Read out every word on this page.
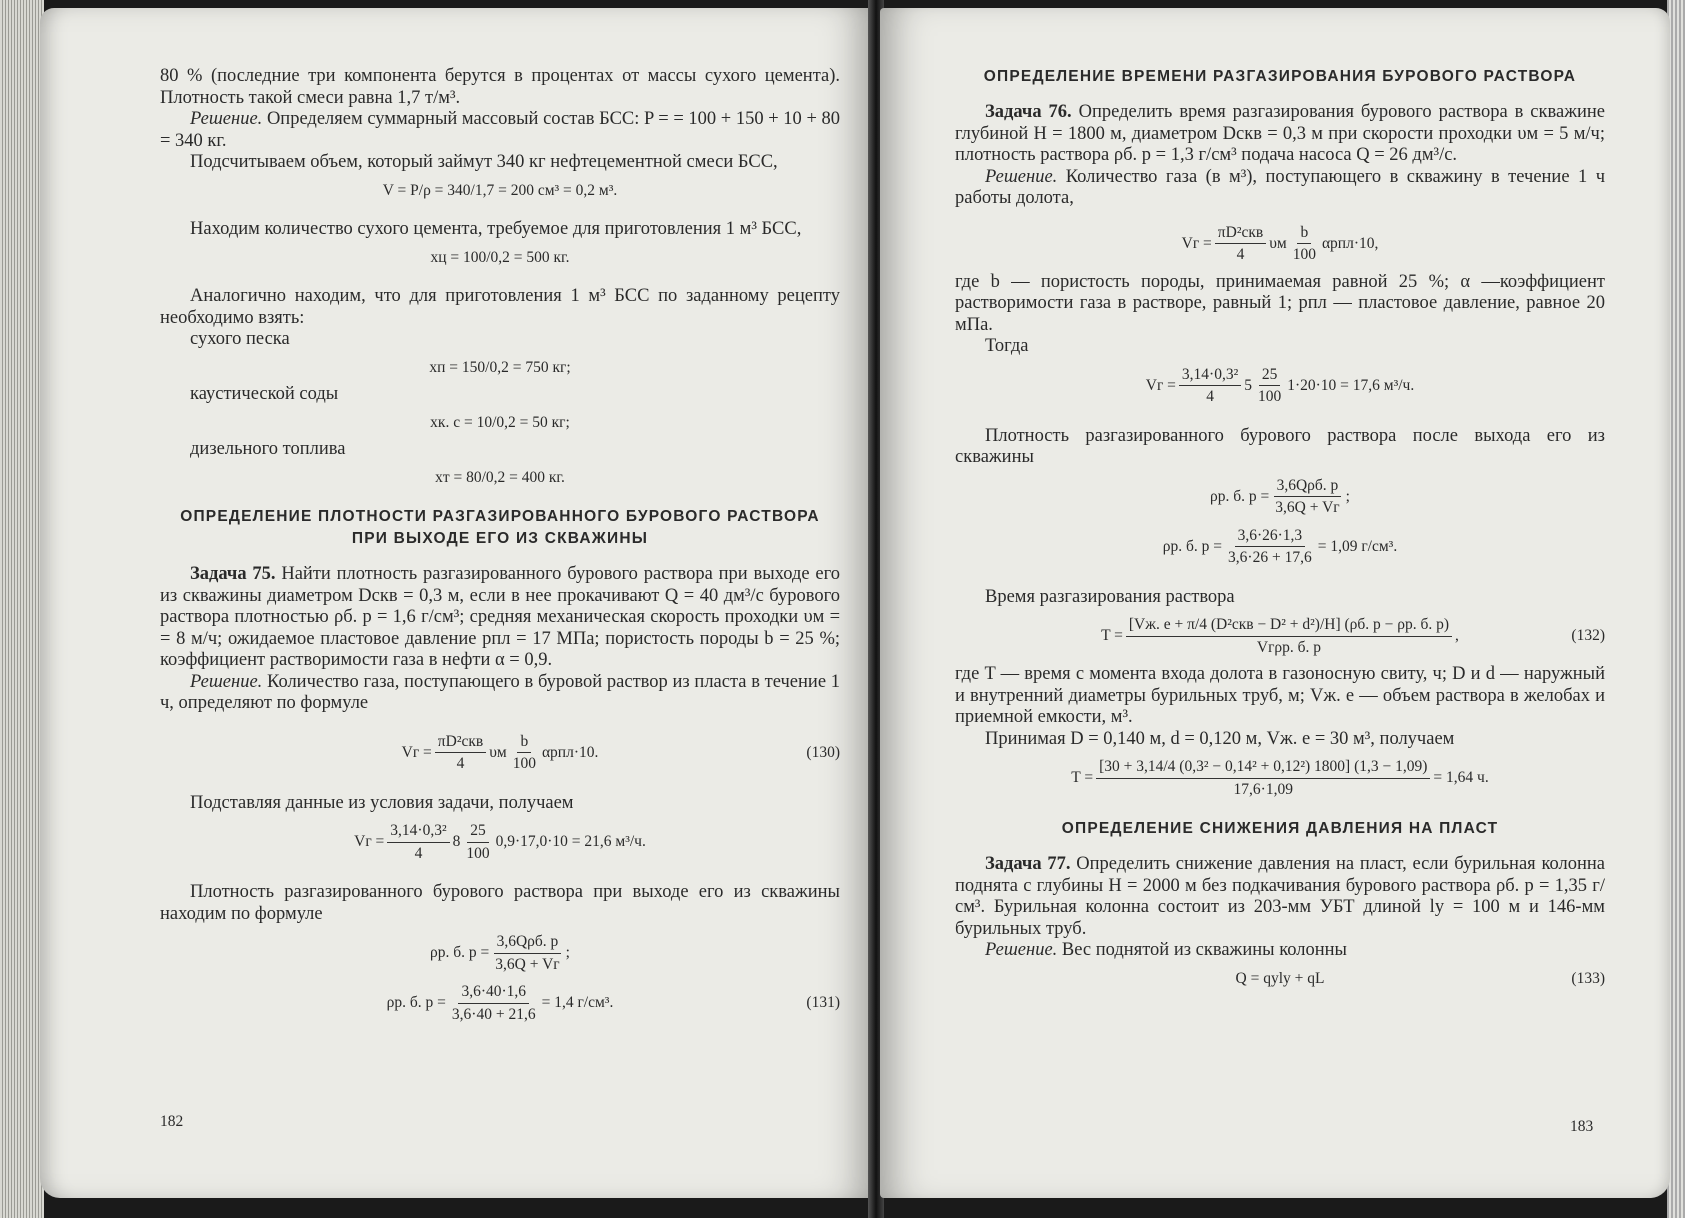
80 % (последние три компонента берутся в процентах от массы сухого цемента). Плотность такой смеси равна 1,7 т/м³.

Решение. Определяем суммарный массовый состав БСС: P = = 100 + 150 + 10 + 80 = 340 кг.

Подсчитываем объем, который займут 340 кг нефтецементной смеси БСС,

V = P/ρ = 340/1,7 = 200 см³ = 0,2 м³.

Находим количество сухого цемента, требуемое для приготовления 1 м³ БСС,

xц = 100/0,2 = 500 кг.

Аналогично находим, что для приготовления 1 м³ БСС по заданному рецепту необходимо взять:

сухого песка

xп = 150/0,2 = 750 кг;

каустической соды

xк. с = 10/0,2 = 50 кг;

дизельного топлива

xт = 80/0,2 = 400 кг.
ОПРЕДЕЛЕНИЕ ПЛОТНОСТИ РАЗГАЗИРОВАННОГО БУРОВОГО РАСТВОРА ПРИ ВЫХОДЕ ЕГО ИЗ СКВАЖИНЫ

Задача 75. Найти плотность разгазированного бурового раствора при выходе его из скважины диаметром Dскв = 0,3 м, если в нее прокачивают Q = 40 дм³/с бурового раствора плотностью ρб. р = 1,6 г/см³; средняя механическая скорость проходки υм = = 8 м/ч; ожидаемое пластовое давление pпл = 17 МПа; пористость породы b = 25 %; коэффициент растворимости газа в нефти α = 0,9.

Решение. Количество газа, поступающего в буровой раствор из пласта в течение 1 ч, определяют по формуле

Vг = $\frac{\text{πD²скв}}{4}$ υм $\frac{b}{100} \alpha pпл\cdot 10$.	(130)

Подставляя данные из условия задачи, получаем

Vг = $\frac{\text{3,14·0,3²}}{4} 8 \frac{25}{100} 0,9\cdot 17,0\cdot 10 = 21,6$ м³/ч.

Плотность разгазированного бурового раствора при выходе его из скважины находим по формуле

ρр. б. $р = \frac{\text{3,6Qρб. р}}{3,6Q + Vг}$ ;
ρр. б. $р = \frac{3,6\cdot 40\cdot 1,6}{3,6\cdot 40 + 21,6} = 1,4$ г/см³.	(131)
182
ОПРЕДЕЛЕНИЕ ВРЕМЕНИ РАЗГАЗИРОВАНИЯ БУРОВОГО РАСТВОРА

Задача 76. Определить время разгазирования бурового раствора в скважине глубиной H = 1800 м, диаметром Dскв = 0,3 м при скорости проходки υм = 5 м/ч; плотность раствора ρб. р = 1,3 г/см³ подача насоса Q = 26 дм³/с.

Решение. Количество газа (в м³), поступающего в скважину в течение 1 ч работы долота,

Vг = $\frac{\text{πD²скв}}{4}$ υм $\frac{b}{100} \alpha pпл\cdot 10$,

где b — пористость породы, принимаемая равной 25 %; α —коэффициент растворимости газа в растворе, равный 1; pпл — пластовое давление, равное 20 мПа.

Тогда

Vг = $\frac{\text{3,14·0,3²}}{4} 5 \frac{25}{100} 1\cdot 20\cdot 10 = 17,6$ м³/ч.

Плотность разгазированного бурового раствора после выхода его из скважины

ρр. б. $р = \frac{\text{3,6Qρб. р}}{3,6Q + Vг}$ ;
ρр. б. $р = \frac{3,6\cdot 26\cdot 1,3}{3,6\cdot 26 + 17,6} = 1,09$ г/см³.

Время разгазирования раствора

$T = \frac{\text{[Vж. е + π/4 (D²скв − D² + d²)/H] (ρб. р − ρр. б. р)}}{\text{Vгρр. б. р}}$ ,	(132)

где T — время с момента входа долота в газоносную свиту, ч; D и d — наружный и внутренний диаметры бурильных труб, м; Vж. е — объем раствора в желобах и приемной емкости, м³.

Принимая D = 0,140 м, d = 0,120 м, Vж. е = 30 м³, получаем

$T = \frac{\text{[30 + 3,14/4 (0,3² − 0,14² + 0,12²) 1800] (1,3 − 1,09)}}{17,6\cdot 1,09} = 1,64$ ч.
ОПРЕДЕЛЕНИЕ СНИЖЕНИЯ ДАВЛЕНИЯ НА ПЛАСТ

Задача 77. Определить снижение давления на пласт, если бурильная колонна поднята с глубины H = 2000 м без подкачивания бурового раствора ρб. р = 1,35 г/см³. Бурильная колонна состоит из 203-мм УБТ длиной lу = 100 м и 146-мм бурильных труб.

Решение. Вес поднятой из скважины колонны

Q = qуlу + qL	(133)
183
